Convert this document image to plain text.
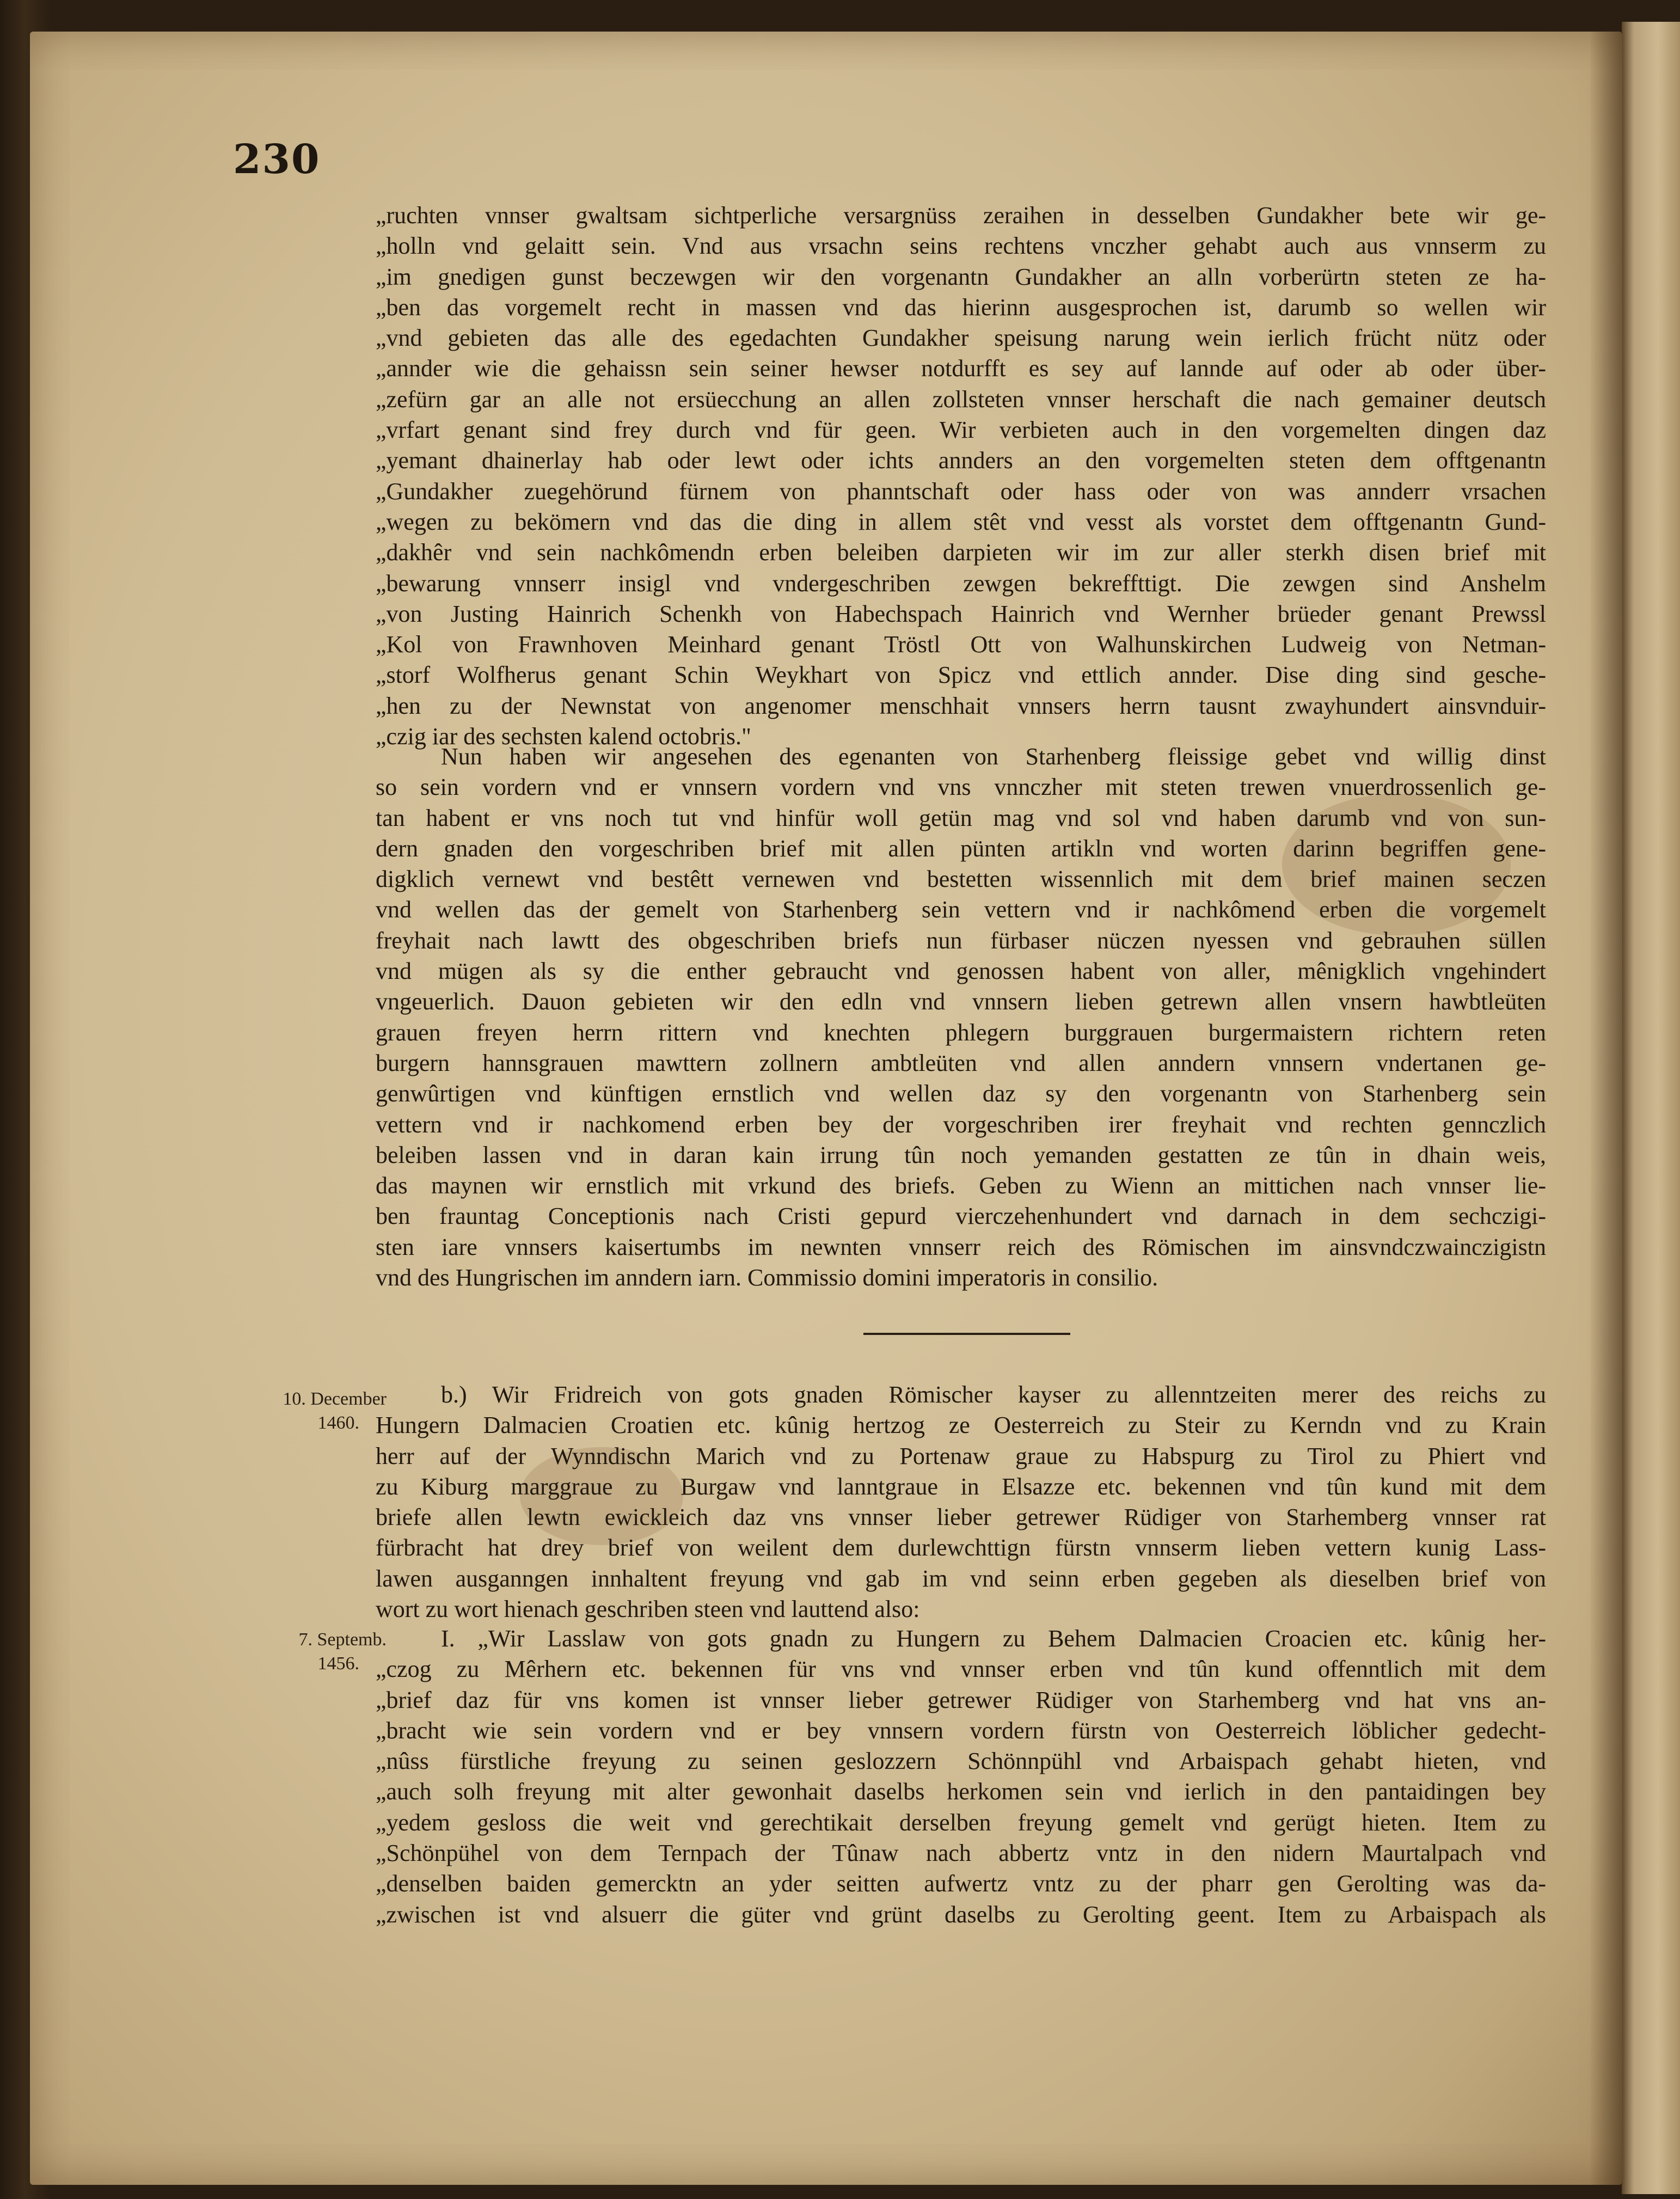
230
„ruchten vnnser gwaltsam sichtperliche versargnüss zeraihen in desselben Gundakher bete wir ge-
„holln vnd gelaitt sein. Vnd aus vrsachn seins rechtens vnczher gehabt auch aus vnnserm zu
„im gnedigen gunst beczewgen wir den vorgenantn Gundakher an alln vorberürtn steten ze ha-
„ben das vorgemelt recht in massen vnd das hierinn ausgesprochen ist, darumb so wellen wir
„vnd gebieten das alle des egedachten Gundakher speisung narung wein ierlich frücht nütz oder
„annder wie die gehaissn sein seiner hewser notdurfft es sey auf lannde auf oder ab oder über-
„zefürn gar an alle not ersüecchung an allen zollsteten vnnser herschaft die nach gemainer deutsch
„vrfart genant sind frey durch vnd für geen. Wir verbieten auch in den vorgemelten dingen daz
„yemant dhainerlay hab oder lewt oder ichts annders an den vorgemelten steten dem offtgenantn
„Gundakher zuegehörund fürnem von phanntschaft oder hass oder von was annderr vrsachen
„wegen zu bekömern vnd das die ding in allem stêt vnd vesst als vorstet dem offtgenantn Gund-
„dakhêr vnd sein nachkômendn erben beleiben darpieten wir im zur aller sterkh disen brief mit
„bewarung vnnserr insigl vnd vndergeschriben zewgen bekreffttigt. Die zewgen sind Anshelm
„von Justing Hainrich Schenkh von Habechspach Hainrich vnd Wernher brüeder genant Prewssl
„Kol von Frawnhoven Meinhard genant Tröstl Ott von Walhunskirchen Ludweig von Netman-
„storf Wolfherus genant Schin Weykhart von Spicz vnd ettlich annder. Dise ding sind gesche-
„hen zu der Newnstat von angenomer menschhait vnnsers herrn tausnt zwayhundert ainsvnduir-
„czig iar des sechsten kalend octobris."
Nun haben wir angesehen des egenanten von Starhenberg fleissige gebet vnd willig dinst
so sein vordern vnd er vnnsern vordern vnd vns vnnczher mit steten trewen vnuerdrossenlich ge-
tan habent er vns noch tut vnd hinfür woll getün mag vnd sol vnd haben darumb vnd von sun-
dern gnaden den vorgeschriben brief mit allen pünten artikln vnd worten darinn begriffen gene-
digklich vernewt vnd bestêtt vernewen vnd bestetten wissennlich mit dem brief mainen seczen
vnd wellen das der gemelt von Starhenberg sein vettern vnd ir nachkômend erben die vorgemelt
freyhait nach lawtt des obgeschriben briefs nun fürbaser nüczen nyessen vnd gebrauhen süllen
vnd mügen als sy die enther gebraucht vnd genossen habent von aller, mênigklich vngehindert
vngeuerlich. Dauon gebieten wir den edln vnd vnnsern lieben getrewn allen vnsern hawbtleüten
grauen freyen herrn rittern vnd knechten phlegern burggrauen burgermaistern richtern reten
burgern hannsgrauen mawttern zollnern ambtleüten vnd allen anndern vnnsern vndertanen ge-
genwûrtigen vnd künftigen ernstlich vnd wellen daz sy den vorgenantn von Starhenberg sein
vettern vnd ir nachkomend erben bey der vorgeschriben irer freyhait vnd rechten gennczlich
beleiben lassen vnd in daran kain irrung tûn noch yemanden gestatten ze tûn in dhain weis,
das maynen wir ernstlich mit vrkund des briefs. Geben zu Wienn an mittichen nach vnnser lie-
ben frauntag Conceptionis nach Cristi gepurd vierczehenhundert vnd darnach in dem sechczigi-
sten iare vnnsers kaisertumbs im newnten vnnserr reich des Römischen im ainsvndczwainczigistn
vnd des Hungrischen im anndern iarn. Commissio domini imperatoris in consilio.
10. December
1460.
b.) Wir Fridreich von gots gnaden Römischer kayser zu allenntzeiten merer des reichs zu
Hungern Dalmacien Croatien etc. kûnig hertzog ze Oesterreich zu Steir zu Kerndn vnd zu Krain
herr auf der Wynndischn Marich vnd zu Portenaw graue zu Habspurg zu Tirol zu Phiert vnd
zu Kiburg marggraue zu Burgaw vnd lanntgraue in Elsazze etc. bekennen vnd tûn kund mit dem
briefe allen lewtn ewickleich daz vns vnnser lieber getrewer Rüdiger von Starhemberg vnnser rat
fürbracht hat drey brief von weilent dem durlewchttign fürstn vnnserm lieben vettern kunig Lass-
lawen ausganngen innhaltent freyung vnd gab im vnd seinn erben gegeben als dieselben brief von
wort zu wort hienach geschriben steen vnd lauttend also:
7. Septemb.
1456.
I. „Wir Lasslaw von gots gnadn zu Hungern zu Behem Dalmacien Croacien etc. kûnig her-
„czog zu Mêrhern etc. bekennen für vns vnd vnnser erben vnd tûn kund offenntlich mit dem
„brief daz für vns komen ist vnnser lieber getrewer Rüdiger von Starhemberg vnd hat vns an-
„bracht wie sein vordern vnd er bey vnnsern vordern fürstn von Oesterreich löblicher gedecht-
„nûss fürstliche freyung zu seinen geslozzern Schönnpühl vnd Arbaispach gehabt hieten, vnd
„auch solh freyung mit alter gewonhait daselbs herkomen sein vnd ierlich in den pantaidingen bey
„yedem gesloss die weit vnd gerechtikait derselben freyung gemelt vnd gerügt hieten. Item zu
„Schönpühel von dem Ternpach der Tûnaw nach abbertz vntz in den nidern Maurtalpach vnd
„denselben baiden gemercktn an yder seitten aufwertz vntz zu der pharr gen Gerolting was da-
„zwischen ist vnd alsuerr die güter vnd grünt daselbs zu Gerolting geent. Item zu Arbaispach als
